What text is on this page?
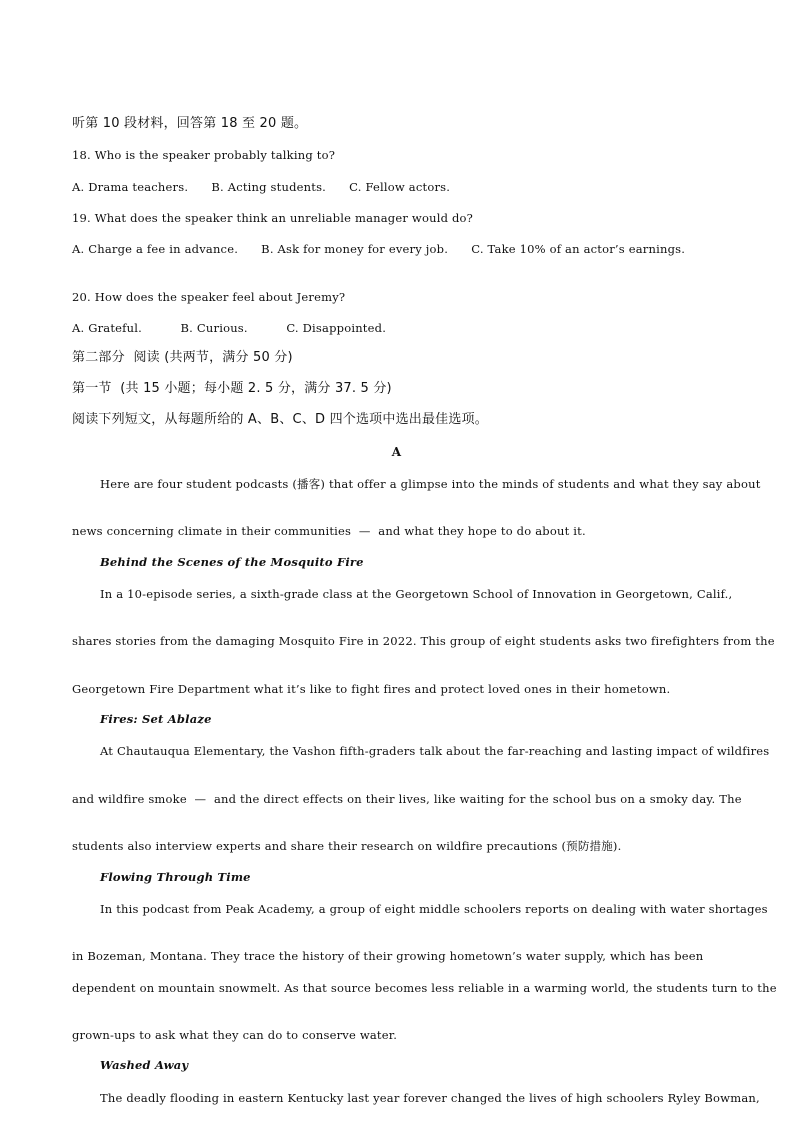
听第 10 段材料，回答第 18 至 20 题。
18. Who is the speaker probably talking to?
A. Drama teachers.      B. Acting students.      C. Fellow actors.
19. What does the speaker think an unreliable manager would do?
A. Charge a fee in advance.      B. Ask for money for every job.      C. Take 10% of an actor’s earnings.
20. How does the speaker feel about Jeremy?
A. Grateful.          B. Curious.          C. Disappointed.
第二部分  阅读 (共两节，满分 50 分)
第一节  (共 15 小题；每小题 2. 5 分，满分 37. 5 分)
阅读下列短文，从每题所给的 A、B、C、D 四个选项中选出最佳选项。
A
Here are four student podcasts (播客) that offer a glimpse into the minds of students and what they say about
news concerning climate in their communities  —  and what they hope to do about it.
Behind the Scenes of the Mosquito Fire
In a 10-episode series, a sixth-grade class at the Georgetown School of Innovation in Georgetown, Calif.,
shares stories from the damaging Mosquito Fire in 2022. This group of eight students asks two firefighters from the
Georgetown Fire Department what it’s like to fight fires and protect loved ones in their hometown.
Fires: Set Ablaze
At Chautauqua Elementary, the Vashon fifth-graders talk about the far-reaching and lasting impact of wildfires
and wildfire smoke  —  and the direct effects on their lives, like waiting for the school bus on a smoky day. The
students also interview experts and share their research on wildfire precautions (预防措施).
Flowing Through Time
In this podcast from Peak Academy, a group of eight middle schoolers reports on dealing with water shortages
in Bozeman, Montana. They trace the history of their growing hometown’s water supply, which has been
dependent on mountain snowmelt. As that source becomes less reliable in a warming world, the students turn to the
grown-ups to ask what they can do to conserve water.
Washed Away
The deadly flooding in eastern Kentucky last year forever changed the lives of high schoolers Ryley Bowman,
